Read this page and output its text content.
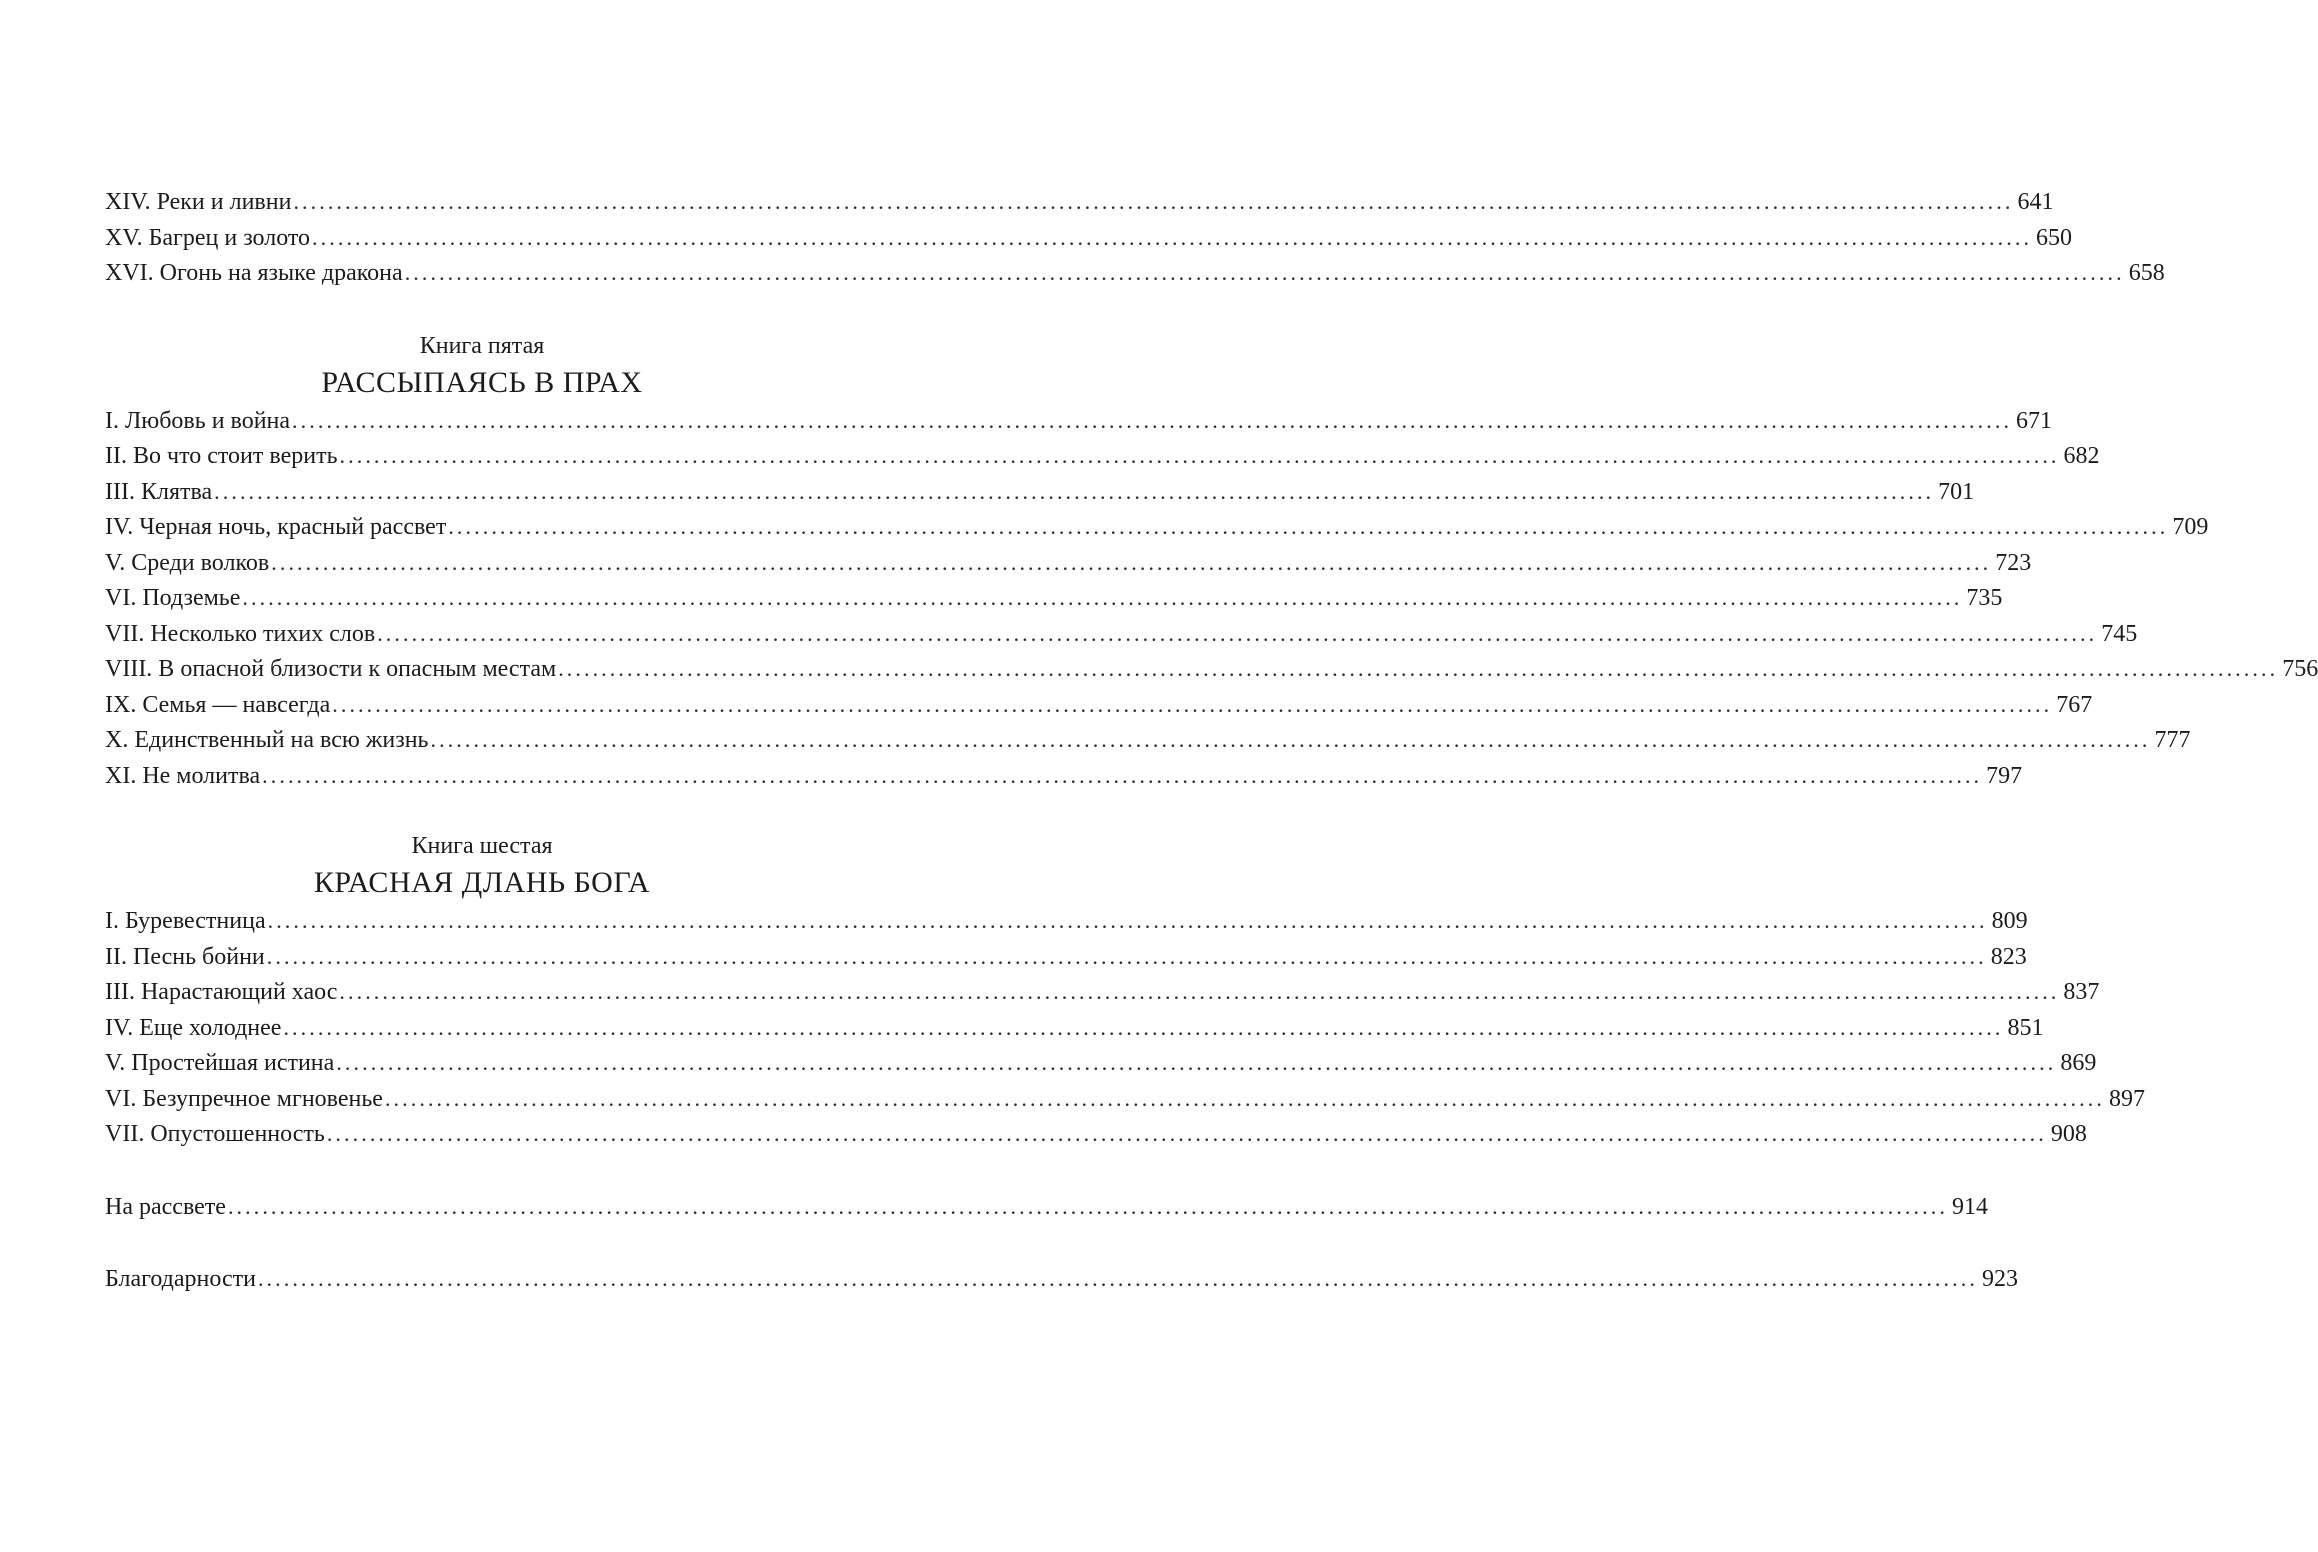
XIV. Реки и ливни ........................................................................................................................................................................................................ 641
XV. Багрец и золото ........................................................................................................................................................................................................ 650
XVI. Огонь на языке дракона ........................................................................................................................................................................................................ 658
Книга пятая
РАССЫПАЯСЬ В ПРАХ
I. Любовь и война ........................................................................................................................................................................................................ 671
II. Во что стоит верить ........................................................................................................................................................................................................ 682
III. Клятва ........................................................................................................................................................................................................ 701
IV. Черная ночь, красный рассвет ........................................................................................................................................................................................................ 709
V. Среди волков ........................................................................................................................................................................................................ 723
VI. Подземье ........................................................................................................................................................................................................ 735
VII. Несколько тихих слов ........................................................................................................................................................................................................ 745
VIII. В опасной близости к опасным местам ........................................................................................................................................................................................................ 756
IX. Семья — навсегда ........................................................................................................................................................................................................ 767
X. Единственный на всю жизнь ........................................................................................................................................................................................................ 777
XI. Не молитва ........................................................................................................................................................................................................ 797
Книга шестая
КРАСНАЯ ДЛАНЬ БОГА
I. Буревестница ........................................................................................................................................................................................................ 809
II. Песнь бойни ........................................................................................................................................................................................................ 823
III. Нарастающий хаос ........................................................................................................................................................................................................ 837
IV. Еще холоднее ........................................................................................................................................................................................................ 851
V. Простейшая истина ........................................................................................................................................................................................................ 869
VI. Безупречное мгновенье ........................................................................................................................................................................................................ 897
VII. Опустошенность ........................................................................................................................................................................................................ 908
На рассвете ........................................................................................................................................................................................................ 914
Благодарности ........................................................................................................................................................................................................ 923
